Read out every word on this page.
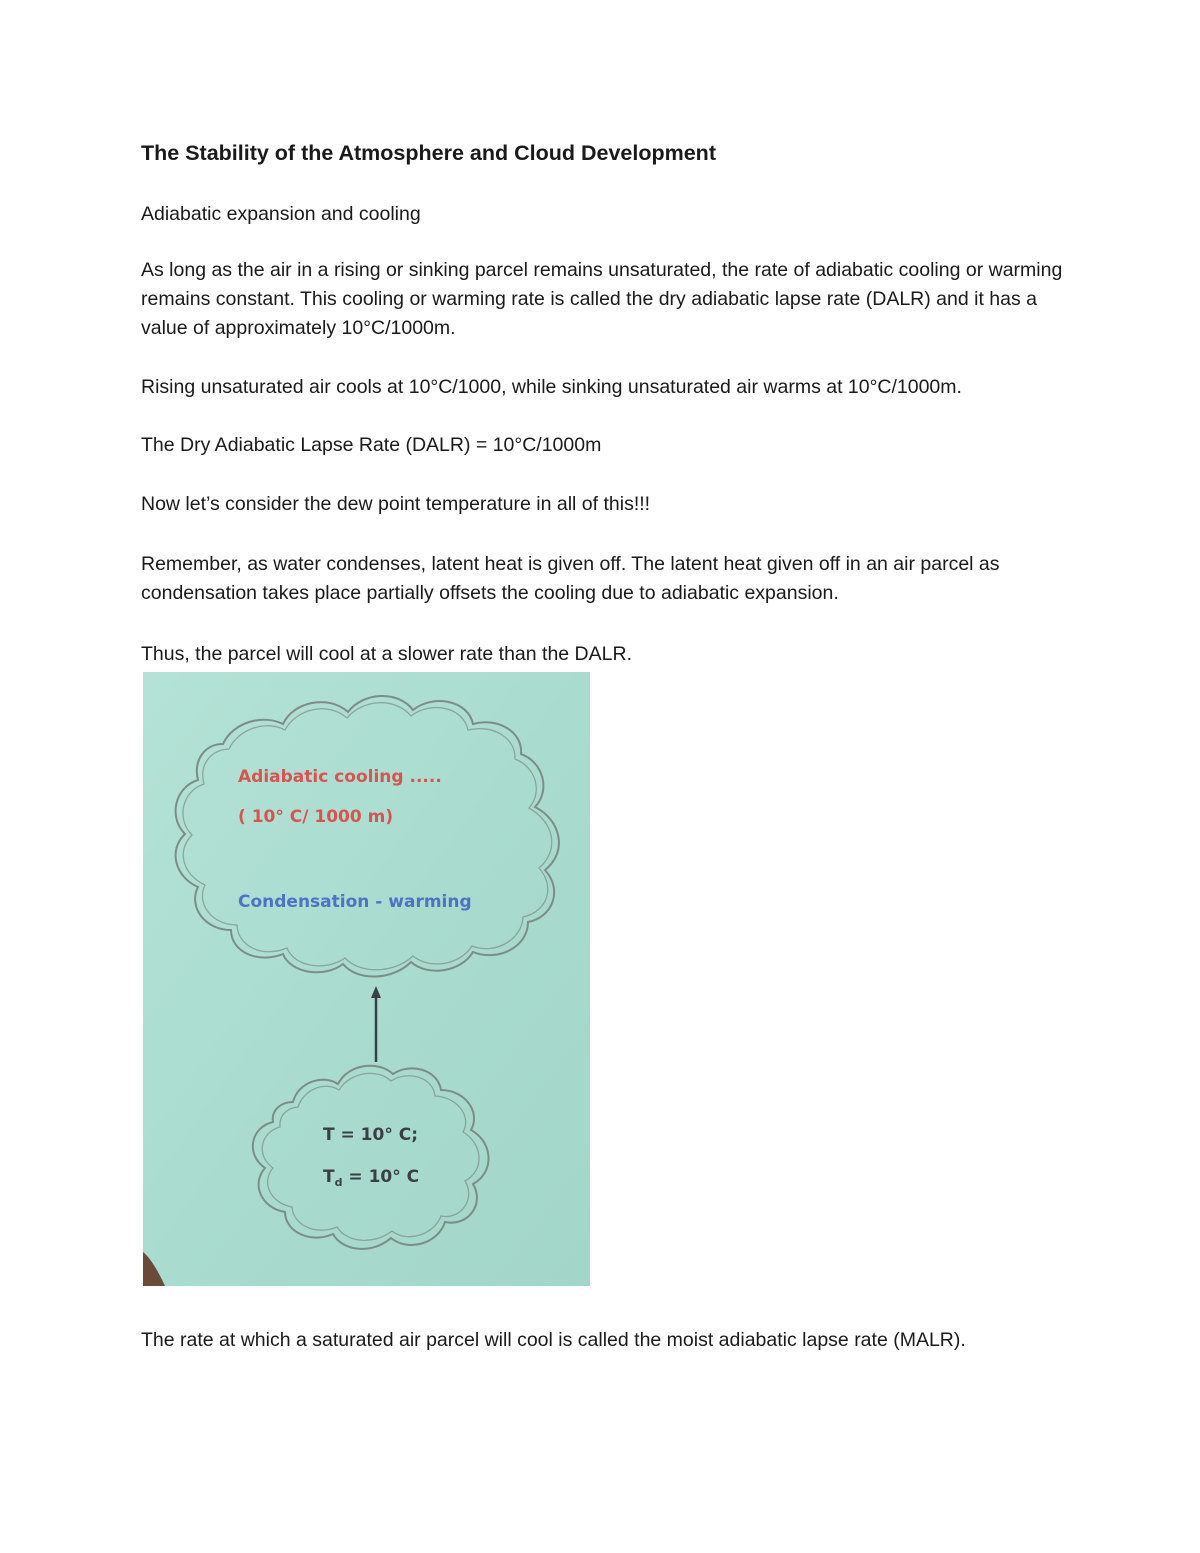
The Stability of the Atmosphere and Cloud Development

Adiabatic expansion and cooling

As long as the air in a rising or sinking parcel remains unsaturated, the rate of adiabatic cooling or warming remains constant. This cooling or warming rate is called the dry adiabatic lapse rate (DALR) and it has a value of approximately 10°C/1000m.

Rising unsaturated air cools at 10°C/1000, while sinking unsaturated air warms at 10°C/1000m.

The Dry Adiabatic Lapse Rate (DALR) = 10°C/1000m

Now let’s consider the dew point temperature in all of this!!!

Remember, as water condenses, latent heat is given off. The latent heat given off in an air parcel as condensation takes place partially offsets the cooling due to adiabatic expansion.

Thus, the parcel will cool at a slower rate than the DALR.

Adiabatic cooling .....
( 10° C/ 1000 m)
Condensation - warming
T = 10° C;
$T_d = 10^\circ$ C

The rate at which a saturated air parcel will cool is called the moist adiabatic lapse rate (MALR).
